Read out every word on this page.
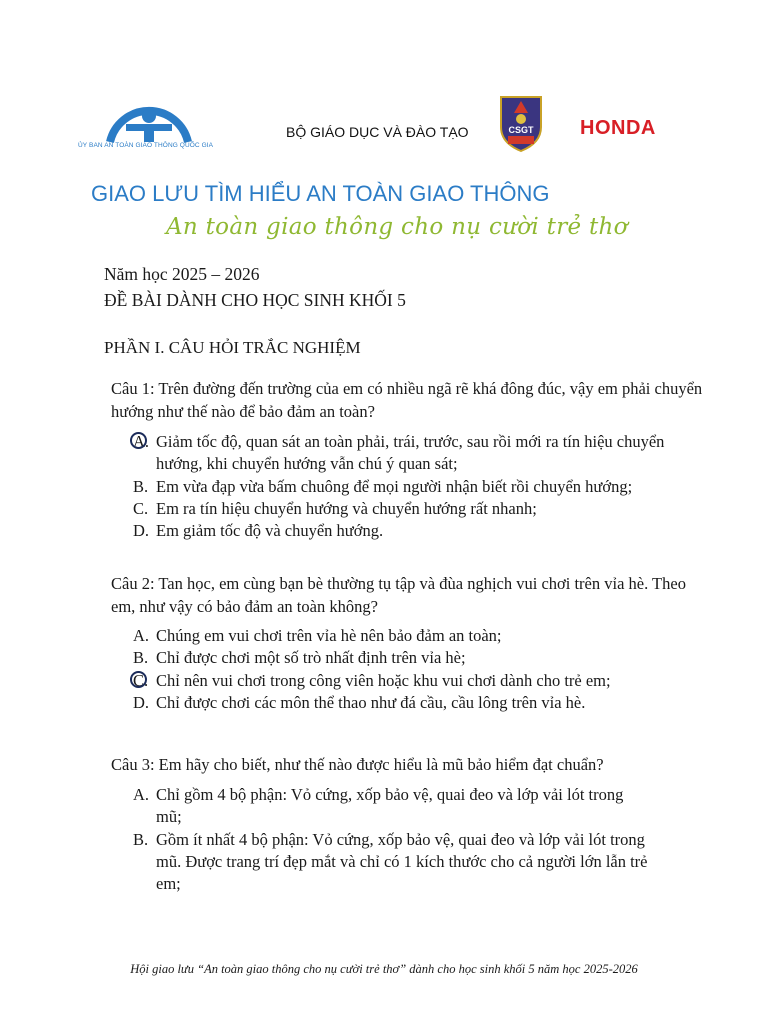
ỦY BAN AN TOÀN GIAO THÔNG QUỐC GIA
BỘ GIÁO DỤC VÀ ĐÀO TẠO	CSGT HONDA
GIAO LƯU TÌM HIỂU AN TOÀN GIAO THÔNG
An toàn giao thông cho nụ cười trẻ thơ
Năm học 2025 – 2026
ĐỀ BÀI DÀNH CHO HỌC SINH KHỐI 5
PHẦN I. CÂU HỎI TRẮC NGHIỆM
Câu 1: Trên đường đến trường của em có nhiều ngã rẽ khá đông đúc, vậy em phải chuyển hướng như thế nào để bảo đảm an toàn?
A. Giảm tốc độ, quan sát an toàn phải, trái, trước, sau rồi mới ra tín hiệu chuyển hướng, khi chuyển hướng vẫn chú ý quan sát;
B. Em vừa đạp vừa bấm chuông để mọi người nhận biết rồi chuyển hướng;
C. Em ra tín hiệu chuyển hướng và chuyển hướng rất nhanh;
D. Em giảm tốc độ và chuyển hướng.
Câu 2: Tan học, em cùng bạn bè thường tụ tập và đùa nghịch vui chơi trên vỉa hè. Theo em, như vậy có bảo đảm an toàn không?
A. Chúng em vui chơi trên vỉa hè nên bảo đảm an toàn;
B. Chỉ được chơi một số trò nhất định trên vỉa hè;
C. Chỉ nên vui chơi trong công viên hoặc khu vui chơi dành cho trẻ em;
D. Chỉ được chơi các môn thể thao như đá cầu, cầu lông trên vỉa hè.
Câu 3: Em hãy cho biết, như thế nào được hiểu là mũ bảo hiểm đạt chuẩn?
A. Chỉ gồm 4 bộ phận: Vỏ cứng, xốp bảo vệ, quai đeo và lớp vải lót trong mũ;
B. Gồm ít nhất 4 bộ phận: Vỏ cứng, xốp bảo vệ, quai đeo và lớp vải lót trong mũ. Được trang trí đẹp mắt và chỉ có 1 kích thước cho cả người lớn lẫn trẻ em;
Hội giao lưu “An toàn giao thông cho nụ cười trẻ thơ” dành cho học sinh khối 5 năm học 2025-2026
